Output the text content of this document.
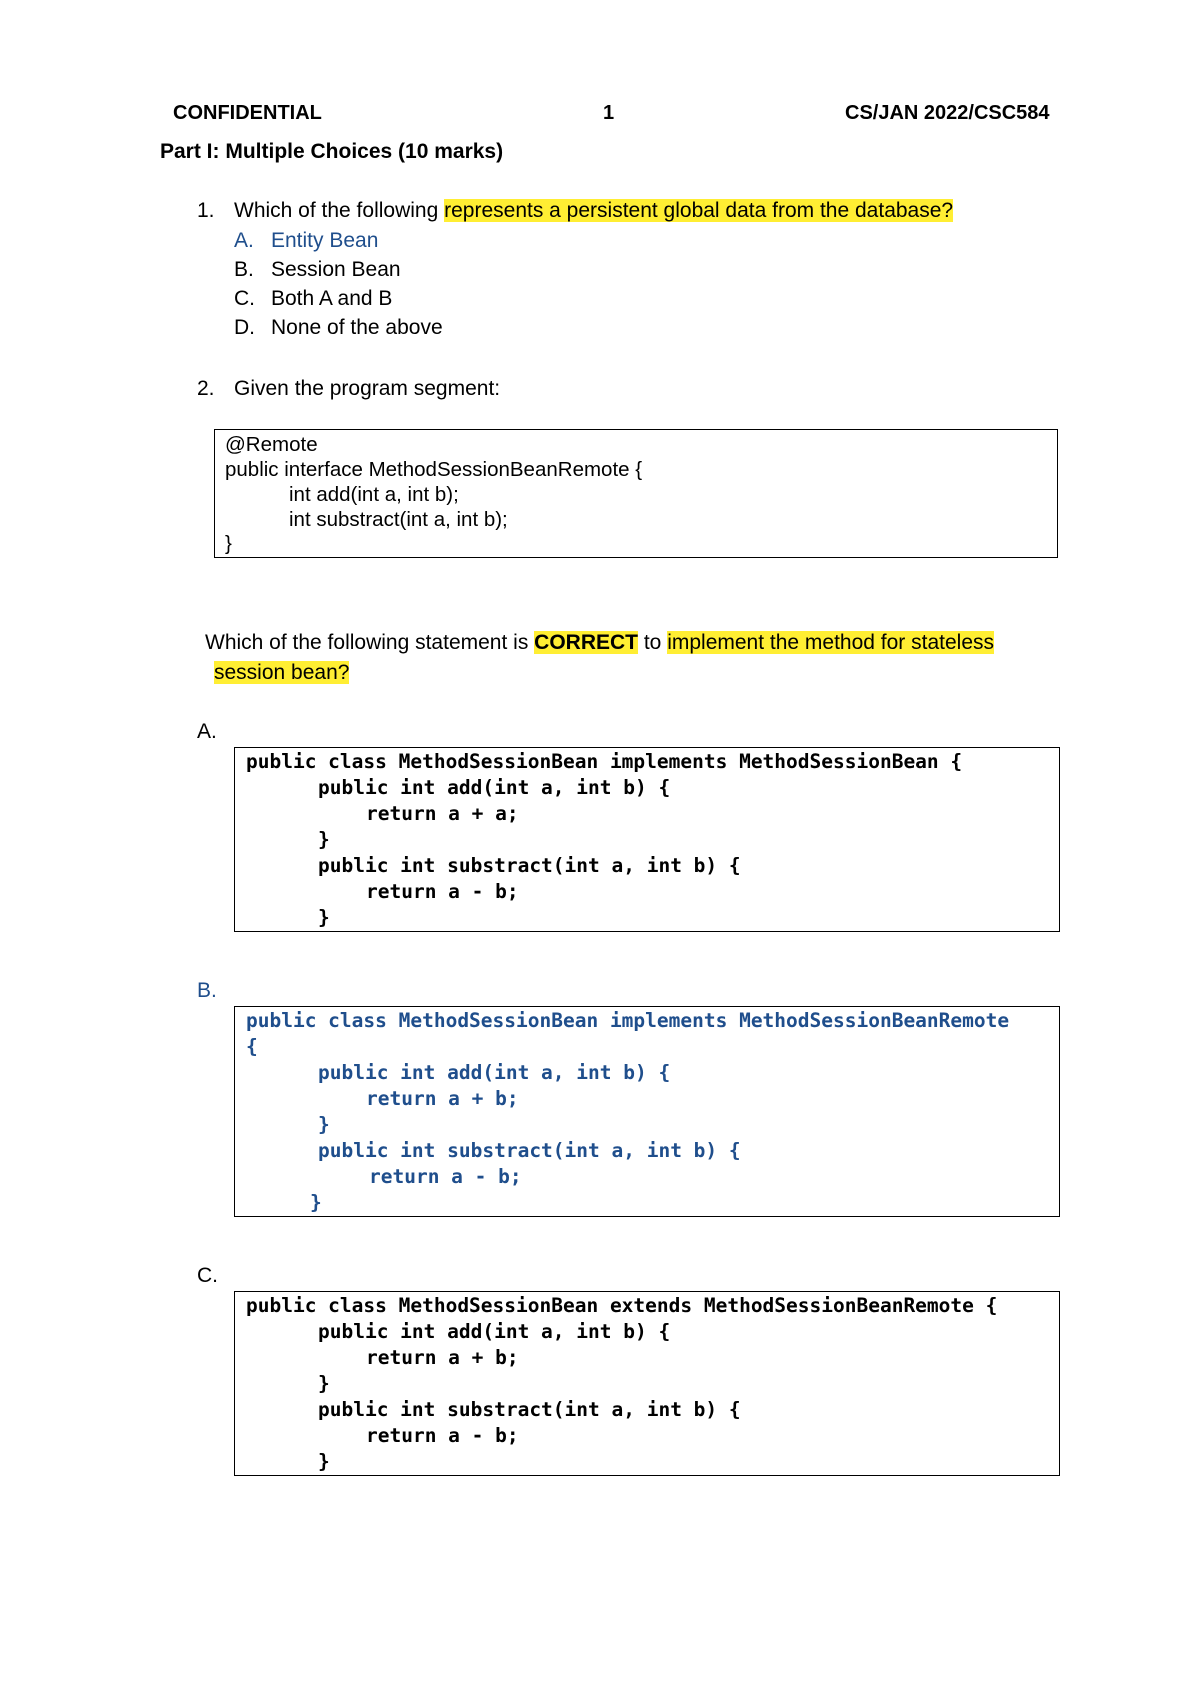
CONFIDENTIAL	1	CS/JAN 2022/CSC584
Part I: Multiple Choices (10 marks)
1. Which of the following represents a persistent global data from the database?
A. Entity Bean
B. Session Bean
C. Both A and B
D. None of the above
2. Given the program segment:
@Remote
public interface MethodSessionBeanRemote {
int add(int a, int b);
int substract(int a, int b);
}
Which of the following statement is CORRECT to implement the method for stateless
session bean?
A.
public class MethodSessionBean implements MethodSessionBean {
public int add(int a, int b) {
return a + a;
}
public int substract(int a, int b) {
return a - b;
}
B.
public class MethodSessionBean implements MethodSessionBeanRemote
{
public int add(int a, int b) {
return a + b;
}
public int substract(int a, int b) {
return a - b;
}
C.
public class MethodSessionBean extends MethodSessionBeanRemote {
public int add(int a, int b) {
return a + b;
}
public int substract(int a, int b) {
return a - b;
}
